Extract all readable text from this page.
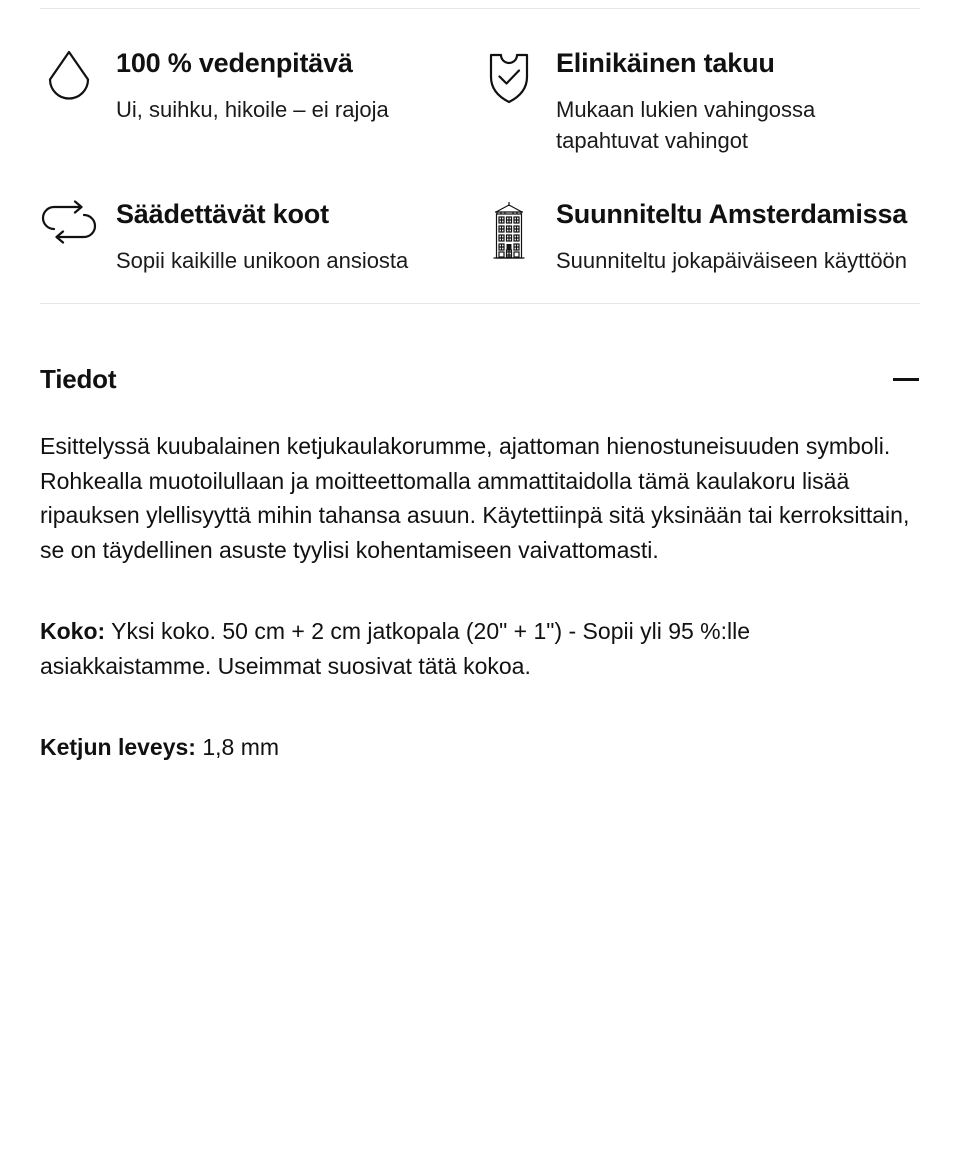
100 % vedenpitävä

Ui, suihku, hikoile – ei rajoja

Elinikäinen takuu

Mukaan lukien vahingossa tapahtuvat vahingot

Säädettävät koot

Sopii kaikille unikoon ansiosta

Suunniteltu Amsterdamissa

Suunniteltu jokapäiväiseen käyttöön

Tiedot

Esittelyssä kuubalainen ketjukaulakorumme, ajattoman hienostuneisuuden symboli. Rohkealla muotoilullaan ja moitteettomalla ammattitaidolla tämä kaulakoru lisää ripauksen ylellisyyttä mihin tahansa asuun. Käytettiinpä sitä yksinään tai kerroksittain, se on täydellinen asuste tyylisi kohentamiseen vaivattomasti.

Koko: Yksi koko. 50 cm + 2 cm jatkopala (20" + 1") - Sopii yli 95 %:lle asiakkaistamme. Useimmat suosivat tätä kokoa.

Ketjun leveys: 1,8 mm
